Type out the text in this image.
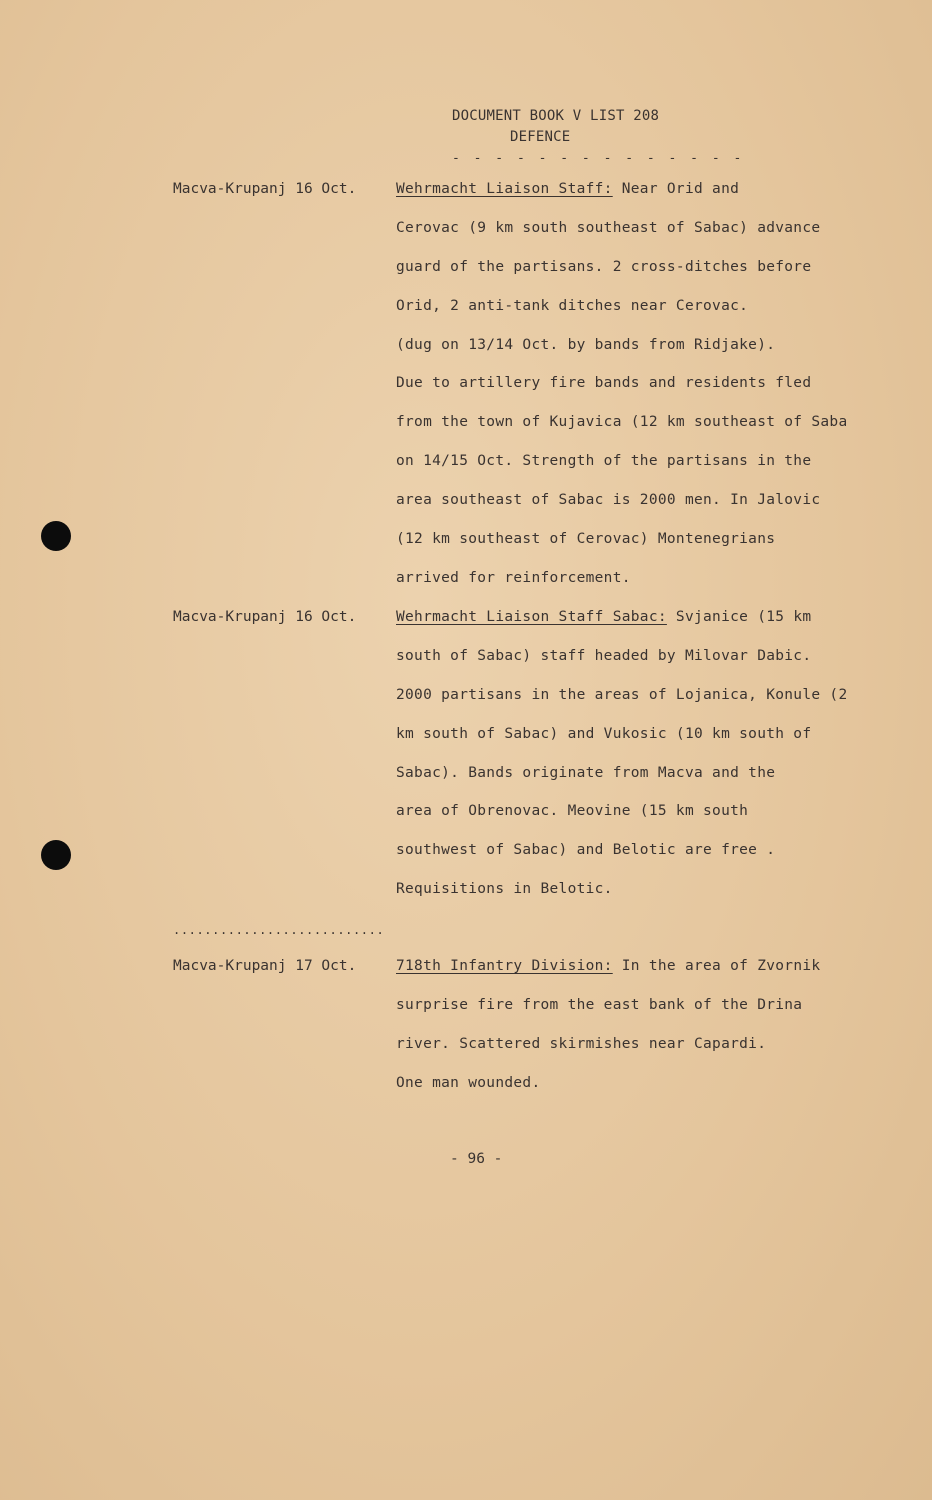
DOCUMENT BOOK V LIST 208
DEFENCE
- - - - - - - - - - - - - -
Macva-Krupanj 16 Oct.	Wehrmacht Liaison Staff: Near Orid and
Cerovac (9 km south southeast of Sabac) advance
guard of the partisans. 2 cross-ditches before
Orid, 2 anti-tank ditches near Cerovac.
(dug on 13/14 Oct. by bands from Ridjake).
Due to artillery fire bands and residents fled
from the town of Kujavica (12 km southeast of Saba
on 14/15 Oct. Strength of the partisans in the
area southeast of Sabac is 2000 men. In Jalovic
(12 km southeast of Cerovac) Montenegrians
arrived for reinforcement.
Macva-Krupanj 16 Oct.	Wehrmacht Liaison Staff Sabac: Svjanice (15 km
south of Sabac) staff headed by Milovar Dabic.
2000 partisans in the areas of Lojanica, Konule (2
km south of Sabac) and Vukosic (10 km south of
Sabac). Bands originate from Macva and the
area of Obrenovac. Meovine (15 km south
southwest of Sabac) and Belotic are free .
Requisitions in Belotic.
...........................
Macva-Krupanj 17 Oct.	718th Infantry Division: In the area of Zvornik
surprise fire from the east bank of the Drina
river. Scattered skirmishes near Capardi.
One man wounded.
- 96 -
